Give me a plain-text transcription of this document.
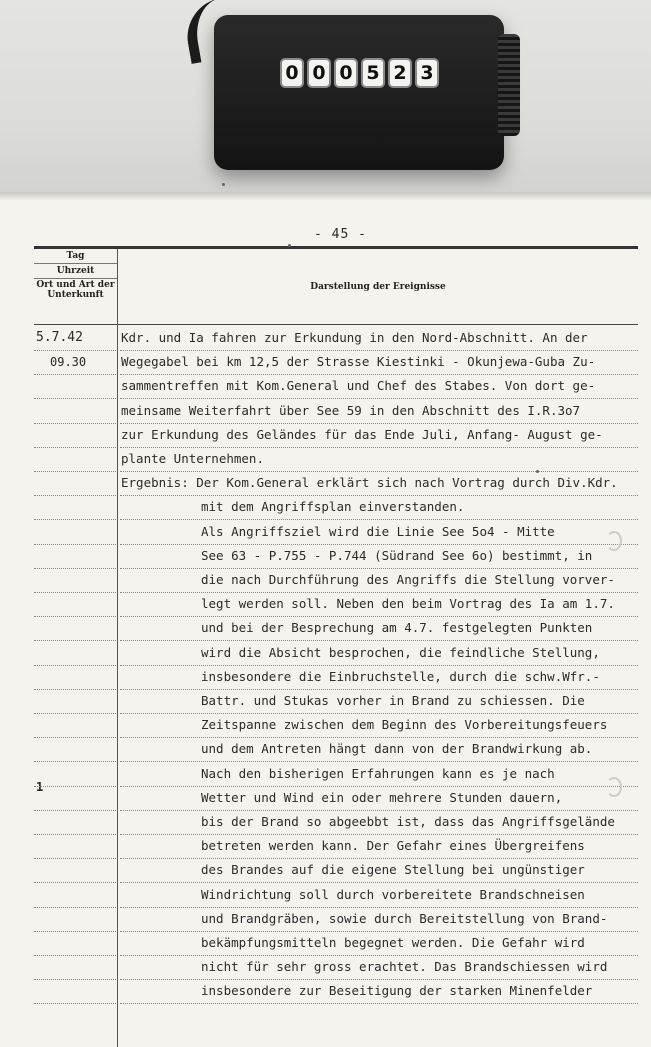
0 0 0 5 2 3
- 45 -
Tag
Uhrzeit
Ort und Art der Unterkunft
Darstellung der Ereignisse
5.7.42
09.30
1
Kdr. und Ia fahren zur Erkundung in den Nord-Abschnitt. An der
Wegegabel bei km 12,5 der Strasse Kiestinki - Okunjewa-Guba Zu-
sammentreffen mit Kom.General und Chef des Stabes. Von dort ge-
meinsame Weiterfahrt über See 59 in den Abschnitt des I.R.3o7
zur Erkundung des Geländes für das Ende Juli, Anfang- August ge-
plante Unternehmen.
Ergebnis: Der Kom.General erklärt sich nach Vortrag durch Div.Kdr.
mit dem Angriffsplan einverstanden.
Als Angriffsziel wird die Linie See 5o4 - Mitte
See 63 - P.755 - P.744 (Südrand See 6o) bestimmt, in
die nach Durchführung des Angriffs die Stellung vorver-
legt werden soll. Neben den beim Vortrag des Ia am 1.7.
und bei der Besprechung am 4.7. festgelegten Punkten
wird die Absicht besprochen, die feindliche Stellung,
insbesondere die Einbruchstelle, durch die schw.Wfr.-
Battr. und Stukas vorher in Brand zu schiessen. Die
Zeitspanne zwischen dem Beginn des Vorbereitungsfeuers
und dem Antreten hängt dann von der Brandwirkung ab.
Nach den bisherigen Erfahrungen kann es je nach
Wetter und Wind ein oder mehrere Stunden dauern,
bis der Brand so abgeebbt ist, dass das Angriffsgelände
betreten werden kann. Der Gefahr eines Übergreifens
des Brandes auf die eigene Stellung bei ungünstiger
Windrichtung soll durch vorbereitete Brandschneisen
und Brandgräben, sowie durch Bereitstellung von Brand-
bekämpfungsmitteln begegnet werden. Die Gefahr wird
nicht für sehr gross erachtet. Das Brandschiessen wird
insbesondere zur Beseitigung der starken Minenfelder
